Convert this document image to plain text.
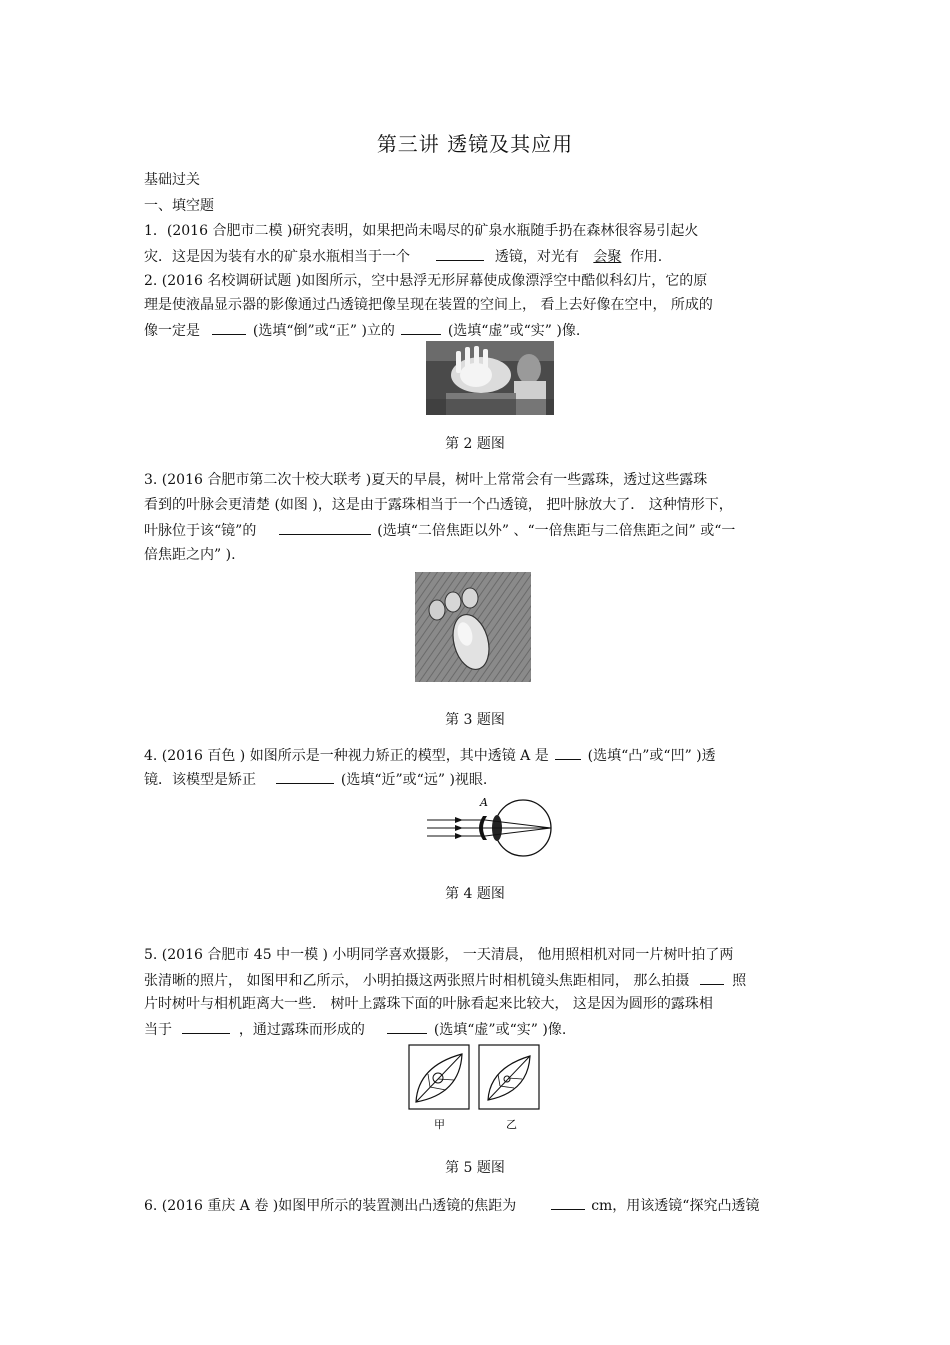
第三讲 透镜及其应用
基础过关
一、填空题
1．(2016 合肥市二模 )研究表明，如果把尚未喝尽的矿泉水瓶随手扔在森林很容易引起火
灾．这是因为装有水的矿泉水瓶相当于一个	透镜，对光有 会聚 作用.
2. (2016 名校调研试题 )如图所示，空中悬浮无形屏幕使成像漂浮空中酷似科幻片，它的原
理是使液晶显示器的影像通过凸透镜把像呈现在装置的空间上， 看上去好像在空中， 所成的
像一定是	(选填“倒”或“正” )立的	(选填“虚”或“实” )像.
第 2 题图
3. (2016 合肥市第二次十校大联考 )夏天的早晨，树叶上常常会有一些露珠，透过这些露珠
看到的叶脉会更清楚 (如图 )，这是由于露珠相当于一个凸透镜， 把叶脉放大了． 这种情形下，
叶脉位于该“镜”的	(选填“二倍焦距以外” 、“一倍焦距与二倍焦距之间” 或“一
倍焦距之内” ).
第 3 题图
4. (2016 百色 ) 如图所示是一种视力矫正的模型，其中透镜 A 是	(选填“凸”或“凹” )透
镜．该模型是矫正	(选填“近”或“远” )视眼.
A
第 4 题图
5. (2016 合肥市 45 中一模 ) 小明同学喜欢摄影， 一天清晨， 他用照相机对同一片树叶拍了两
张清晰的照片， 如图甲和乙所示， 小明拍摄这两张照片时相机镜头焦距相同， 那么拍摄	照
片时树叶与相机距离大一些． 树叶上露珠下面的叶脉看起来比较大， 这是因为圆形的露珠相
当于	，通过露珠而形成的	(选填“虚”或“实” )像.
甲	乙
第 5 题图
6. (2016 重庆 A 卷 )如图甲所示的装置测出凸透镜的焦距为	cm，用该透镜“探究凸透镜
